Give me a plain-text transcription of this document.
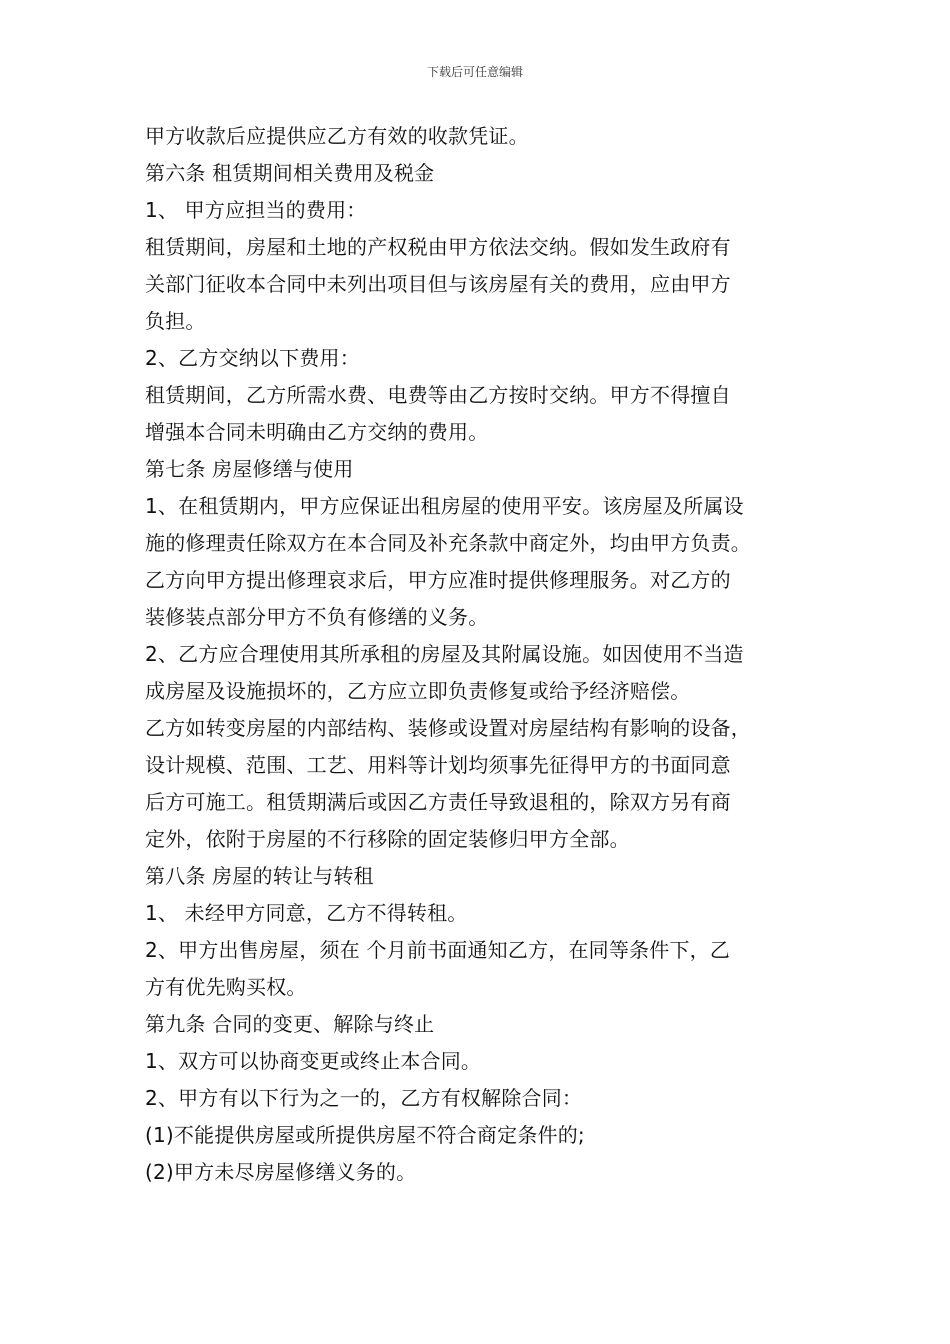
下载后可任意编辑
甲方收款后应提供应乙方有效的收款凭证。
第六条 租赁期间相关费用及税金
1、 甲方应担当的费用：
租赁期间，房屋和土地的产权税由甲方依法交纳。假如发生政府有
关部门征收本合同中未列出项目但与该房屋有关的费用，应由甲方
负担。
2、乙方交纳以下费用：
租赁期间，乙方所需水费、电费等由乙方按时交纳。甲方不得擅自
增强本合同未明确由乙方交纳的费用。
第七条 房屋修缮与使用
1、在租赁期内，甲方应保证出租房屋的使用平安。该房屋及所属设
施的修理责任除双方在本合同及补充条款中商定外，均由甲方负责。
乙方向甲方提出修理哀求后，甲方应准时提供修理服务。对乙方的
装修装点部分甲方不负有修缮的义务。
2、乙方应合理使用其所承租的房屋及其附属设施。如因使用不当造
成房屋及设施损坏的，乙方应立即负责修复或给予经济赔偿。
乙方如转变房屋的内部结构、装修或设置对房屋结构有影响的设备，
设计规模、范围、工艺、用料等计划均须事先征得甲方的书面同意
后方可施工。租赁期满后或因乙方责任导致退租的，除双方另有商
定外，依附于房屋的不行移除的固定装修归甲方全部。
第八条 房屋的转让与转租
1、 未经甲方同意，乙方不得转租。
2、甲方出售房屋，须在 个月前书面通知乙方，在同等条件下，乙
方有优先购买权。
第九条 合同的变更、解除与终止
1、双方可以协商变更或终止本合同。
2、甲方有以下行为之一的，乙方有权解除合同：
(1)不能提供房屋或所提供房屋不符合商定条件的;
(2)甲方未尽房屋修缮义务的。
